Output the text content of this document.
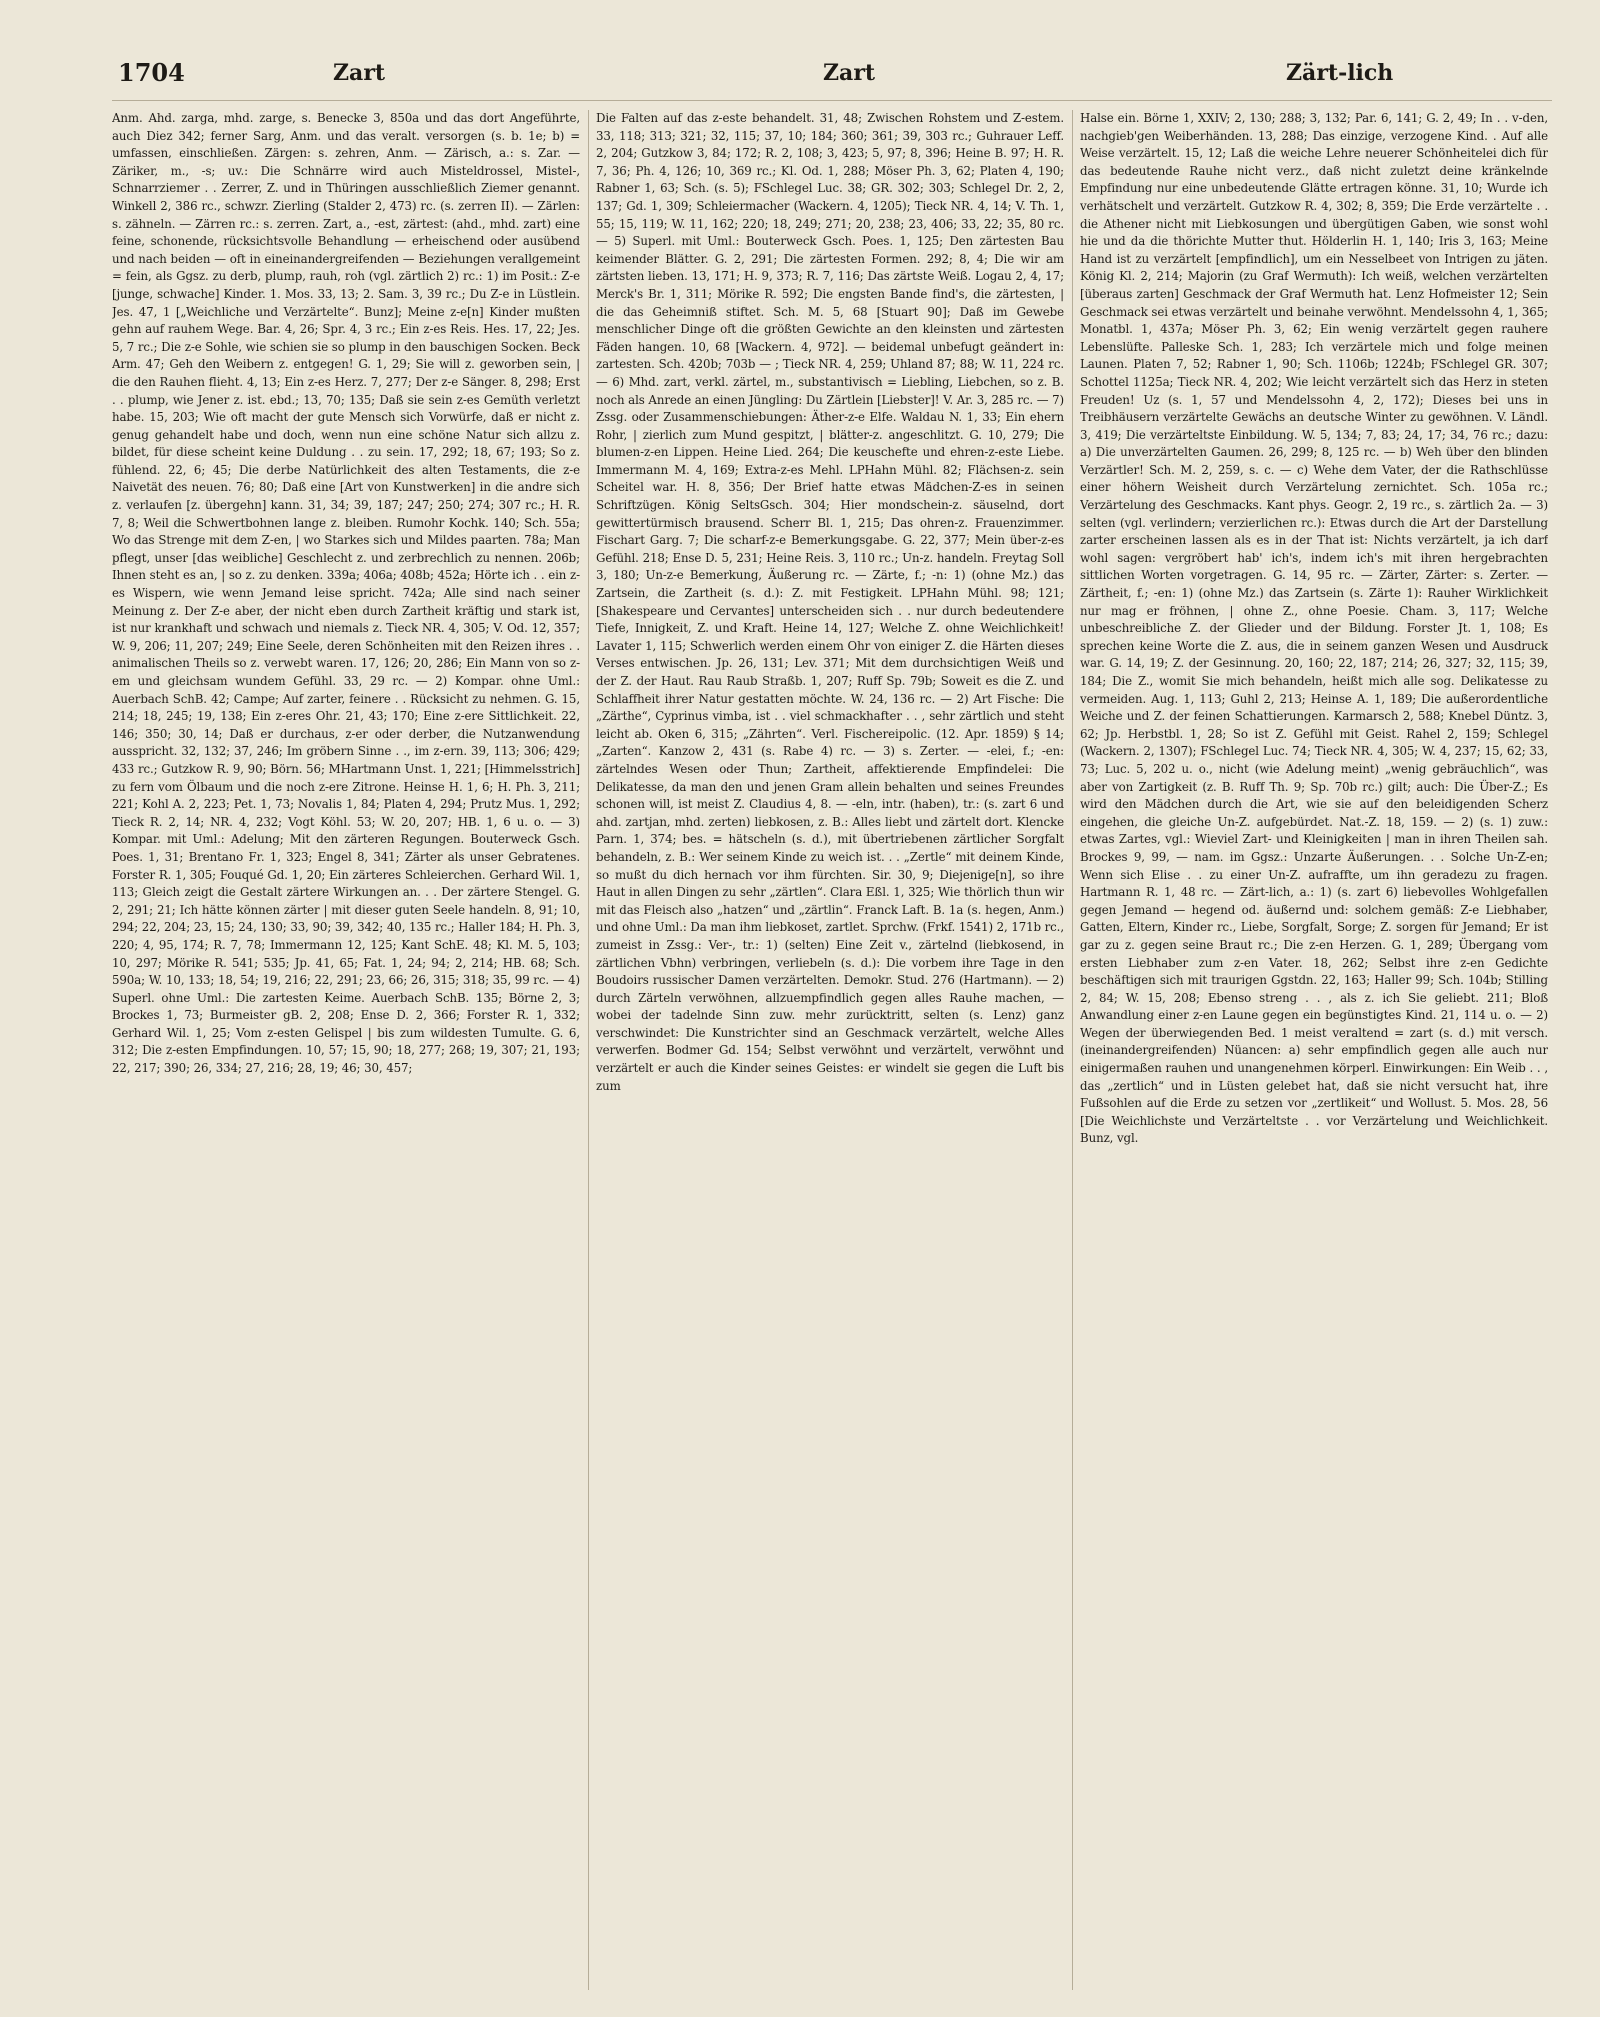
1704	Zart	Zart	Zärt-lich

Anm. Ahd. zarga, mhd. zarge, s. Benecke 3, 850a und das dort Angeführte, auch Diez 342; ferner Sarg, Anm. und das veralt. versorgen (s. b. 1e; b) = umfassen, einschließen. Zärgen: s. zehren, Anm. — Zärisch, a.: s. Zar. — Zäriker, m., -s; uv.: Die Schnärre wird auch Misteldrossel, Mistel-, Schnarrziemer . . Zerrer, Z. und in Thüringen ausschließlich Ziemer genannt. Winkell 2, 386 rc., schwzr. Zierling (Stalder 2, 473) rc. (s. zerren II). — Zärlen: s. zähneln. — Zärren rc.: s. zerren. Zart, a., -est, zärtest: (ahd., mhd. zart) eine feine, schonende, rücksichtsvolle Behandlung — erheischend oder ausübend und nach beiden — oft in eineinandergreifenden — Beziehungen verallgemeint = fein, als Ggsz. zu derb, plump, rauh, roh (vgl. zärtlich 2) rc.: 1) im Posit.: Z-e [junge, schwache] Kinder. 1. Mos. 33, 13; 2. Sam. 3, 39 rc.; Du Z-e in Lüstlein. Jes. 47, 1 [„Weichliche und Verzärtelte“. Bunz]; Meine z-e[n] Kinder mußten gehn auf rauhem Wege. Bar. 4, 26; Spr. 4, 3 rc.; Ein z-es Reis. Hes. 17, 22; Jes. 5, 7 rc.; Die z-e Sohle, wie schien sie so plump in den bauschigen Socken. Beck Arm. 47; Geh den Weibern z. entgegen! G. 1, 29; Sie will z. geworben sein, | die den Rauhen flieht. 4, 13; Ein z-es Herz. 7, 277; Der z-e Sänger. 8, 298; Erst . . plump, wie Jener z. ist. ebd.; 13, 70; 135; Daß sie sein z-es Gemüth verletzt habe. 15, 203; Wie oft macht der gute Mensch sich Vorwürfe, daß er nicht z. genug gehandelt habe und doch, wenn nun eine schöne Natur sich allzu z. bildet, für diese scheint keine Duldung . . zu sein. 17, 292; 18, 67; 193; So z. fühlend. 22, 6; 45; Die derbe Natürlichkeit des alten Testaments, die z-e Naivetät des neuen. 76; 80; Daß eine [Art von Kunstwerken] in die andre sich z. verlaufen [z. übergehn] kann. 31, 34; 39, 187; 247; 250; 274; 307 rc.; H. R. 7, 8; Weil die Schwertbohnen lange z. bleiben. Rumohr Kochk. 140; Sch. 55a; Wo das Strenge mit dem Z-en, | wo Starkes sich und Mildes paarten. 78a; Man pflegt, unser [das weibliche] Geschlecht z. und zerbrechlich zu nennen. 206b; Ihnen steht es an, | so z. zu denken. 339a; 406a; 408b; 452a; Hörte ich . . ein z-es Wispern, wie wenn Jemand leise spricht. 742a; Alle sind nach seiner Meinung z. Der Z-e aber, der nicht eben durch Zartheit kräftig und stark ist, ist nur krankhaft und schwach und niemals z. Tieck NR. 4, 305; V. Od. 12, 357; W. 9, 206; 11, 207; 249; Eine Seele, deren Schönheiten mit den Reizen ihres . . animalischen Theils so z. verwebt waren. 17, 126; 20, 286; Ein Mann von so z-em und gleichsam wundem Gefühl. 33, 29 rc. — 2) Kompar. ohne Uml.: Auerbach SchB. 42; Campe; Auf zarter, feinere . . Rücksicht zu nehmen. G. 15, 214; 18, 245; 19, 138; Ein z-eres Ohr. 21, 43; 170; Eine z-ere Sittlichkeit. 22, 146; 350; 30, 14; Daß er durchaus, z-er oder derber, die Nutzanwendung ausspricht. 32, 132; 37, 246; Im gröbern Sinne . ., im z-ern. 39, 113; 306; 429; 433 rc.; Gutzkow R. 9, 90; Börn. 56; MHartmann Unst. 1, 221; [Himmelsstrich] zu fern vom Ölbaum und die noch z-ere Zitrone. Heinse H. 1, 6; H. Ph. 3, 211; 221; Kohl A. 2, 223; Pet. 1, 73; Novalis 1, 84; Platen 4, 294; Prutz Mus. 1, 292; Tieck R. 2, 14; NR. 4, 232; Vogt Köhl. 53; W. 20, 207; HB. 1, 6 u. o. — 3) Kompar. mit Uml.: Adelung; Mit den zärteren Regungen. Bouterweck Gsch. Poes. 1, 31; Brentano Fr. 1, 323; Engel 8, 341; Zärter als unser Gebratenes. Forster R. 1, 305; Fouqué Gd. 1, 20; Ein zärteres Schleierchen. Gerhard Wil. 1, 113; Gleich zeigt die Gestalt zärtere Wirkungen an. . . Der zärtere Stengel. G. 2, 291; 21; Ich hätte können zärter | mit dieser guten Seele handeln. 8, 91; 10, 294; 22, 204; 23, 15; 24, 130; 33, 90; 39, 342; 40, 135 rc.; Haller 184; H. Ph. 3, 220; 4, 95, 174; R. 7, 78; Immermann 12, 125; Kant SchE. 48; Kl. M. 5, 103; 10, 297; Mörike R. 541; 535; Jp. 41, 65; Fat. 1, 24; 94; 2, 214; HB. 68; Sch. 590a; W. 10, 133; 18, 54; 19, 216; 22, 291; 23, 66; 26, 315; 318; 35, 99 rc. — 4) Superl. ohne Uml.: Die zartesten Keime. Auerbach SchB. 135; Börne 2, 3; Brockes 1, 73; Burmeister gB. 2, 208; Ense D. 2, 366; Forster R. 1, 332; Gerhard Wil. 1, 25; Vom z-esten Gelispel | bis zum wildesten Tumulte. G. 6, 312; Die z-esten Empfindungen. 10, 57; 15, 90; 18, 277; 268; 19, 307; 21, 193; 22, 217; 390; 26, 334; 27, 216; 28, 19; 46; 30, 457;

Die Falten auf das z-este behandelt. 31, 48; Zwischen Rohstem und Z-estem. 33, 118; 313; 321; 32, 115; 37, 10; 184; 360; 361; 39, 303 rc.; Guhrauer Leff. 2, 204; Gutzkow 3, 84; 172; R. 2, 108; 3, 423; 5, 97; 8, 396; Heine B. 97; H. R. 7, 36; Ph. 4, 126; 10, 369 rc.; Kl. Od. 1, 288; Möser Ph. 3, 62; Platen 4, 190; Rabner 1, 63; Sch. (s. 5); FSchlegel Luc. 38; GR. 302; 303; Schlegel Dr. 2, 2, 137; Gd. 1, 309; Schleiermacher (Wackern. 4, 1205); Tieck NR. 4, 14; V. Th. 1, 55; 15, 119; W. 11, 162; 220; 18, 249; 271; 20, 238; 23, 406; 33, 22; 35, 80 rc. — 5) Superl. mit Uml.: Bouterweck Gsch. Poes. 1, 125; Den zärtesten Bau keimender Blätter. G. 2, 291; Die zärtesten Formen. 292; 8, 4; Die wir am zärtsten lieben. 13, 171; H. 9, 373; R. 7, 116; Das zärtste Weiß. Logau 2, 4, 17; Merck's Br. 1, 311; Mörike R. 592; Die engsten Bande find's, die zärtesten, | die das Geheimniß stiftet. Sch. M. 5, 68 [Stuart 90]; Daß im Gewebe menschlicher Dinge oft die größten Gewichte an den kleinsten und zärtesten Fäden hangen. 10, 68 [Wackern. 4, 972]. — beidemal unbefugt geändert in: zartesten. Sch. 420b; 703b — ; Tieck NR. 4, 259; Uhland 87; 88; W. 11, 224 rc. — 6) Mhd. zart, verkl. zärtel, m., substantivisch = Liebling, Liebchen, so z. B. noch als Anrede an einen Jüngling: Du Zärtlein [Liebster]! V. Ar. 3, 285 rc. — 7) Zssg. oder Zusammenschiebungen: Äther-z-e Elfe. Waldau N. 1, 33; Ein ehern Rohr, | zierlich zum Mund gespitzt, | blätter-z. angeschlitzt. G. 10, 279; Die blumen-z-en Lippen. Heine Lied. 264; Die keuschefte und ehren-z-este Liebe. Immermann M. 4, 169; Extra-z-es Mehl. LPHahn Mühl. 82; Flächsen-z. sein Scheitel war. H. 8, 356; Der Brief hatte etwas Mädchen-Z-es in seinen Schriftzügen. König SeltsGsch. 304; Hier mondschein-z. säuselnd, dort gewittertürmisch brausend. Scherr Bl. 1, 215; Das ohren-z. Frauenzimmer. Fischart Garg. 7; Die scharf-z-e Bemerkungsgabe. G. 22, 377; Mein über-z-es Gefühl. 218; Ense D. 5, 231; Heine Reis. 3, 110 rc.; Un-z. handeln. Freytag Soll 3, 180; Un-z-e Bemerkung, Äußerung rc. — Zärte, f.; -n: 1) (ohne Mz.) das Zartsein, die Zartheit (s. d.): Z. mit Festigkeit. LPHahn Mühl. 98; 121; [Shakespeare und Cervantes] unterscheiden sich . . nur durch bedeutendere Tiefe, Innigkeit, Z. und Kraft. Heine 14, 127; Welche Z. ohne Weichlichkeit! Lavater 1, 115; Schwerlich werden einem Ohr von einiger Z. die Härten dieses Verses entwischen. Jp. 26, 131; Lev. 371; Mit dem durchsichtigen Weiß und der Z. der Haut. Rau Raub Straßb. 1, 207; Ruff Sp. 79b; Soweit es die Z. und Schlaffheit ihrer Natur gestatten möchte. W. 24, 136 rc. — 2) Art Fische: Die „Zärthe“, Cyprinus vimba, ist . . viel schmackhafter . . , sehr zärtlich und steht leicht ab. Oken 6, 315; „Zährten“. Verl. Fischereipolic. (12. Apr. 1859) § 14; „Zarten“. Kanzow 2, 431 (s. Rabe 4) rc. — 3) s. Zerter. — -elei, f.; -en: zärtelndes Wesen oder Thun; Zartheit, affektierende Empfindelei: Die Delikatesse, da man den und jenen Gram allein behalten und seines Freundes schonen will, ist meist Z. Claudius 4, 8. — -eln, intr. (haben), tr.: (s. zart 6 und ahd. zartjan, mhd. zerten) liebkosen, z. B.: Alles liebt und zärtelt dort. Klencke Parn. 1, 374; bes. = hätscheln (s. d.), mit übertriebenen zärtlicher Sorgfalt behandeln, z. B.: Wer seinem Kinde zu weich ist. . . „Zertle“ mit deinem Kinde, so mußt du dich hernach vor ihm fürchten. Sir. 30, 9; Diejenige[n], so ihre Haut in allen Dingen zu sehr „zärtlen“. Clara Eßl. 1, 325; Wie thörlich thun wir mit das Fleisch also „hatzen“ und „zärtlin“. Franck Laft. B. 1a (s. hegen, Anm.) und ohne Uml.: Da man ihm liebkoset, zartlet. Sprchw. (Frkf. 1541) 2, 171b rc., zumeist in Zssg.: Ver-, tr.: 1) (selten) Eine Zeit v., zärtelnd (liebkosend, in zärtlichen Vbhn) verbringen, verliebeln (s. d.): Die vorbem ihre Tage in den Boudoirs russischer Damen verzärtelten. Demokr. Stud. 276 (Hartmann). — 2) durch Zärteln verwöhnen, allzuempfindlich gegen alles Rauhe machen, — wobei der tadelnde Sinn zuw. mehr zurücktritt, selten (s. Lenz) ganz verschwindet: Die Kunstrichter sind an Geschmack verzärtelt, welche Alles verwerfen. Bodmer Gd. 154; Selbst verwöhnt und verzärtelt, verwöhnt und verzärtelt er auch die Kinder seines Geistes: er windelt sie gegen die Luft bis zum

Halse ein. Börne 1, XXIV; 2, 130; 288; 3, 132; Par. 6, 141; G. 2, 49; In . . v-den, nachgieb'gen Weiberhänden. 13, 288; Das einzige, verzogene Kind. . Auf alle Weise verzärtelt. 15, 12; Laß die weiche Lehre neuerer Schönheitelei dich für das bedeutende Rauhe nicht verz., daß nicht zuletzt deine kränkelnde Empfindung nur eine unbedeutende Glätte ertragen könne. 31, 10; Wurde ich verhätschelt und verzärtelt. Gutzkow R. 4, 302; 8, 359; Die Erde verzärtelte . . die Athener nicht mit Liebkosungen und übergütigen Gaben, wie sonst wohl hie und da die thörichte Mutter thut. Hölderlin H. 1, 140; Iris 3, 163; Meine Hand ist zu verzärtelt [empfindlich], um ein Nesselbeet von Intrigen zu jäten. König Kl. 2, 214; Majorin (zu Graf Wermuth): Ich weiß, welchen verzärtelten [überaus zarten] Geschmack der Graf Wermuth hat. Lenz Hofmeister 12; Sein Geschmack sei etwas verzärtelt und beinahe verwöhnt. Mendelssohn 4, 1, 365; Monatbl. 1, 437a; Möser Ph. 3, 62; Ein wenig verzärtelt gegen rauhere Lebenslüfte. Palleske Sch. 1, 283; Ich verzärtele mich und folge meinen Launen. Platen 7, 52; Rabner 1, 90; Sch. 1106b; 1224b; FSchlegel GR. 307; Schottel 1125a; Tieck NR. 4, 202; Wie leicht verzärtelt sich das Herz in steten Freuden! Uz (s. 1, 57 und Mendelssohn 4, 2, 172); Dieses bei uns in Treibhäusern verzärtelte Gewächs an deutsche Winter zu gewöhnen. V. Ländl. 3, 419; Die verzärteltste Einbildung. W. 5, 134; 7, 83; 24, 17; 34, 76 rc.; dazu: a) Die unverzärtelten Gaumen. 26, 299; 8, 125 rc. — b) Weh über den blinden Verzärtler! Sch. M. 2, 259, s. c. — c) Wehe dem Vater, der die Rathschlüsse einer höhern Weisheit durch Verzärtelung zernichtet. Sch. 105a rc.; Verzärtelung des Geschmacks. Kant phys. Geogr. 2, 19 rc., s. zärtlich 2a. — 3) selten (vgl. verlindern; verzierlichen rc.): Etwas durch die Art der Darstellung zarter erscheinen lassen als es in der That ist: Nichts verzärtelt, ja ich darf wohl sagen: vergröbert hab' ich's, indem ich's mit ihren hergebrachten sittlichen Worten vorgetragen. G. 14, 95 rc. — Zärter, Zärter: s. Zerter. — Zärtheit, f.; -en: 1) (ohne Mz.) das Zartsein (s. Zärte 1): Rauher Wirklichkeit nur mag er fröhnen, | ohne Z., ohne Poesie. Cham. 3, 117; Welche unbeschreibliche Z. der Glieder und der Bildung. Forster Jt. 1, 108; Es sprechen keine Worte die Z. aus, die in seinem ganzen Wesen und Ausdruck war. G. 14, 19; Z. der Gesinnung. 20, 160; 22, 187; 214; 26, 327; 32, 115; 39, 184; Die Z., womit Sie mich behandeln, heißt mich alle sog. Delikatesse zu vermeiden. Aug. 1, 113; Guhl 2, 213; Heinse A. 1, 189; Die außerordentliche Weiche und Z. der feinen Schattierungen. Karmarsch 2, 588; Knebel Düntz. 3, 62; Jp. Herbstbl. 1, 28; So ist Z. Gefühl mit Geist. Rahel 2, 159; Schlegel (Wackern. 2, 1307); FSchlegel Luc. 74; Tieck NR. 4, 305; W. 4, 237; 15, 62; 33, 73; Luc. 5, 202 u. o., nicht (wie Adelung meint) „wenig gebräuchlich“, was aber von Zartigkeit (z. B. Ruff Th. 9; Sp. 70b rc.) gilt; auch: Die Über-Z.; Es wird den Mädchen durch die Art, wie sie auf den beleidigenden Scherz eingehen, die gleiche Un-Z. aufgebürdet. Nat.-Z. 18, 159. — 2) (s. 1) zuw.: etwas Zartes, vgl.: Wieviel Zart- und Kleinigkeiten | man in ihren Theilen sah. Brockes 9, 99, — nam. im Ggsz.: Unzarte Äußerungen. . . Solche Un-Z-en; Wenn sich Elise . . zu einer Un-Z. aufraffte, um ihn geradezu zu fragen. Hartmann R. 1, 48 rc. — Zärt-lich, a.: 1) (s. zart 6) liebevolles Wohlgefallen gegen Jemand — hegend od. äußernd und: solchem gemäß: Z-e Liebhaber, Gatten, Eltern, Kinder rc., Liebe, Sorgfalt, Sorge; Z. sorgen für Jemand; Er ist gar zu z. gegen seine Braut rc.; Die z-en Herzen. G. 1, 289; Übergang vom ersten Liebhaber zum z-en Vater. 18, 262; Selbst ihre z-en Gedichte beschäftigen sich mit traurigen Ggstdn. 22, 163; Haller 99; Sch. 104b; Stilling 2, 84; W. 15, 208; Ebenso streng . . , als z. ich Sie geliebt. 211; Bloß Anwandlung einer z-en Laune gegen ein begünstigtes Kind. 21, 114 u. o. — 2) Wegen der überwiegenden Bed. 1 meist veraltend = zart (s. d.) mit versch. (ineinandergreifenden) Nüancen: a) sehr empfindlich gegen alle auch nur einigermaßen rauhen und unangenehmen körperl. Einwirkungen: Ein Weib . . , das „zertlich“ und in Lüsten gelebet hat, daß sie nicht versucht hat, ihre Fußsohlen auf die Erde zu setzen vor „zertlikeit“ und Wollust. 5. Mos. 28, 56 [Die Weichlichste und Verzärteltste . . vor Verzärtelung und Weichlichkeit. Bunz, vgl.
